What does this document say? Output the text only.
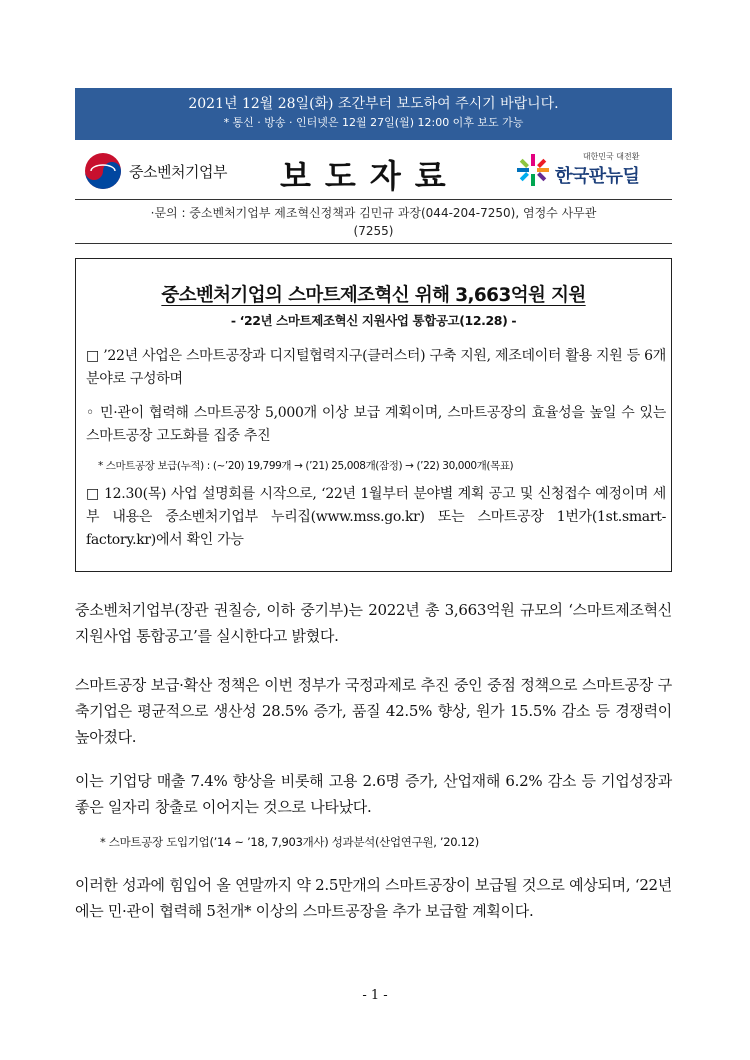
2021년 12월 28일(화) 조간부터 보도하여 주시기 바랍니다.
* 통신 · 방송 · 인터넷은 12월 27일(월) 12:00 이후 보도 가능
중소벤처기업부 보도자료
대한민국 대전환
한국판뉴딜
·문의 : 중소벤처기업부 제조혁신정책과 김민규 과장(044-204-7250), 염정수 사무관
(7255)
중소벤처기업의 스마트제조혁신 위해 3,663억원 지원
- ‘22년 스마트제조혁신 지원사업 통합공고(12.28) -
□ ’22년 사업은 스마트공장과 디지털협력지구(클러스터) 구축 지원, 제조데이터 활용 지원 등 6개 분야로 구성하며
◦ 민·관이 협력해 스마트공장 5,000개 이상 보급 계획이며, 스마트공장의 효율성을 높일 수 있는 스마트공장 고도화를 집중 추진
* 스마트공장 보급(누적) : (~’20) 19,799개 → (’21) 25,008개(잠정) → (’22) 30,000개(목표)
□ 12.30(목) 사업 설명회를 시작으로, ‘22년 1월부터 분야별 계획 공고 및 신청접수 예정이며 세부 내용은 중소벤처기업부 누리집(www.mss.go.kr) 또는 스마트공장 1번가(1st.smart-factory.kr)에서 확인 가능
중소벤처기업부(장관 권칠승, 이하 중기부)는 2022년 총 3,663억원 규모의 ‘스마트제조혁신 지원사업 통합공고’를 실시한다고 밝혔다.
스마트공장 보급·확산 정책은 이번 정부가 국정과제로 추진 중인 중점 정책으로 스마트공장 구축기업은 평균적으로 생산성 28.5% 증가, 품질 42.5% 향상, 원가 15.5% 감소 등 경쟁력이 높아졌다.
이는 기업당 매출 7.4% 향상을 비롯해 고용 2.6명 증가, 산업재해 6.2% 감소 등 기업성장과 좋은 일자리 창출로 이어지는 것으로 나타났다.
* 스마트공장 도입기업(’14 ~ ’18, 7,903개사) 성과분석(산업연구원, ’20.12)
이러한 성과에 힘입어 올 연말까지 약 2.5만개의 스마트공장이 보급될 것으로 예상되며, ‘22년에는 민·관이 협력해 5천개* 이상의 스마트공장을 추가 보급할 계획이다.
- 1 -
